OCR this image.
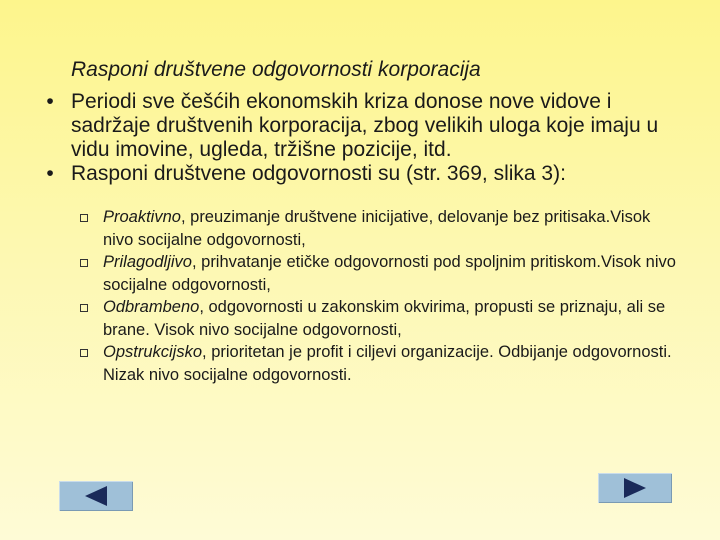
Rasponi društvene odgovornosti korporacija
• Periodi sve češćih ekonomskih kriza donose nove vidove i sadržaje društvenih korporacija, zbog velikih uloga koje imaju u vidu imovine, ugleda, tržišne pozicije, itd.
• Rasponi društvene odgovornosti su (str. 369, slika 3):
Proaktivno, preuzimanje društvene inicijative, delovanje bez pritisaka.Visok nivo socijalne odgovornosti,
Prilagodljivo, prihvatanje etičke odgovornosti pod spoljnim pritiskom.Visok nivo socijalne odgovornosti,
Odbrambeno, odgovornosti u zakonskim okvirima, propusti se priznaju, ali se brane. Visok nivo socijalne odgovornosti,
Opstrukcijsko, prioritetan je profit i ciljevi organizacije. Odbijanje odgovornosti. Nizak nivo socijalne odgovornosti.
